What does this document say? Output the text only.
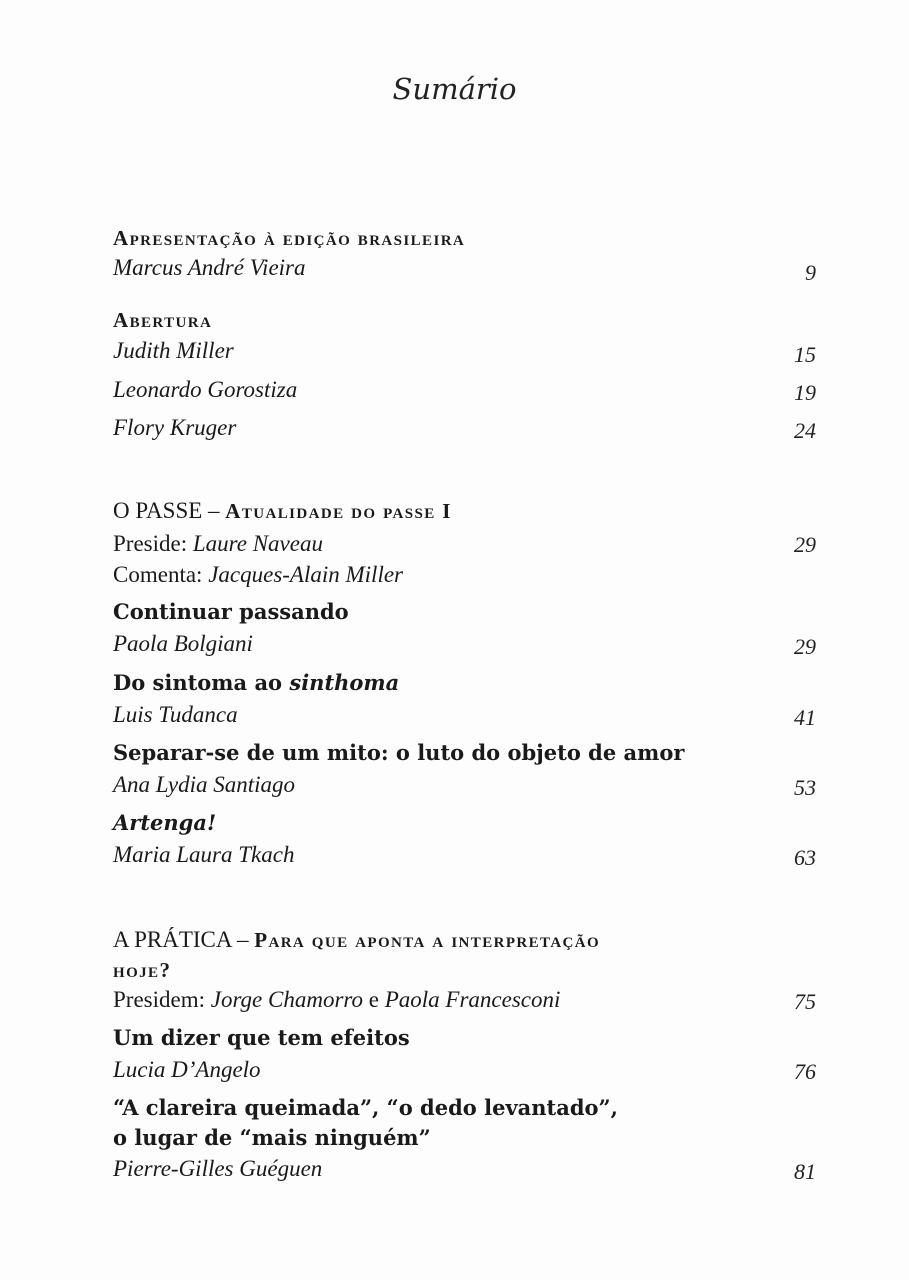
Sumário
Apresentação à edição brasileira
Marcus André Vieira	9
Abertura
Judith Miller	15
Leonardo Gorostiza	19
Flory Kruger	24
O PASSE – Atualidade do passe I
Preside: Laure Naveau	29
Comenta: Jacques-Alain Miller
Continuar passando
Paola Bolgiani	29
Do sintoma ao sinthoma
Luis Tudanca	41
Separar-se de um mito: o luto do objeto de amor
Ana Lydia Santiago	53
Artenga!
Maria Laura Tkach	63
A PRÁTICA – Para que aponta a interpretação
hoje?
Presidem: Jorge Chamorro e Paola Francesconi	75
Um dizer que tem efeitos
Lucia D’Angelo	76
“A clareira queimada”, “o dedo levantado”,
o lugar de “mais ninguém”
Pierre-Gilles Guéguen	81
